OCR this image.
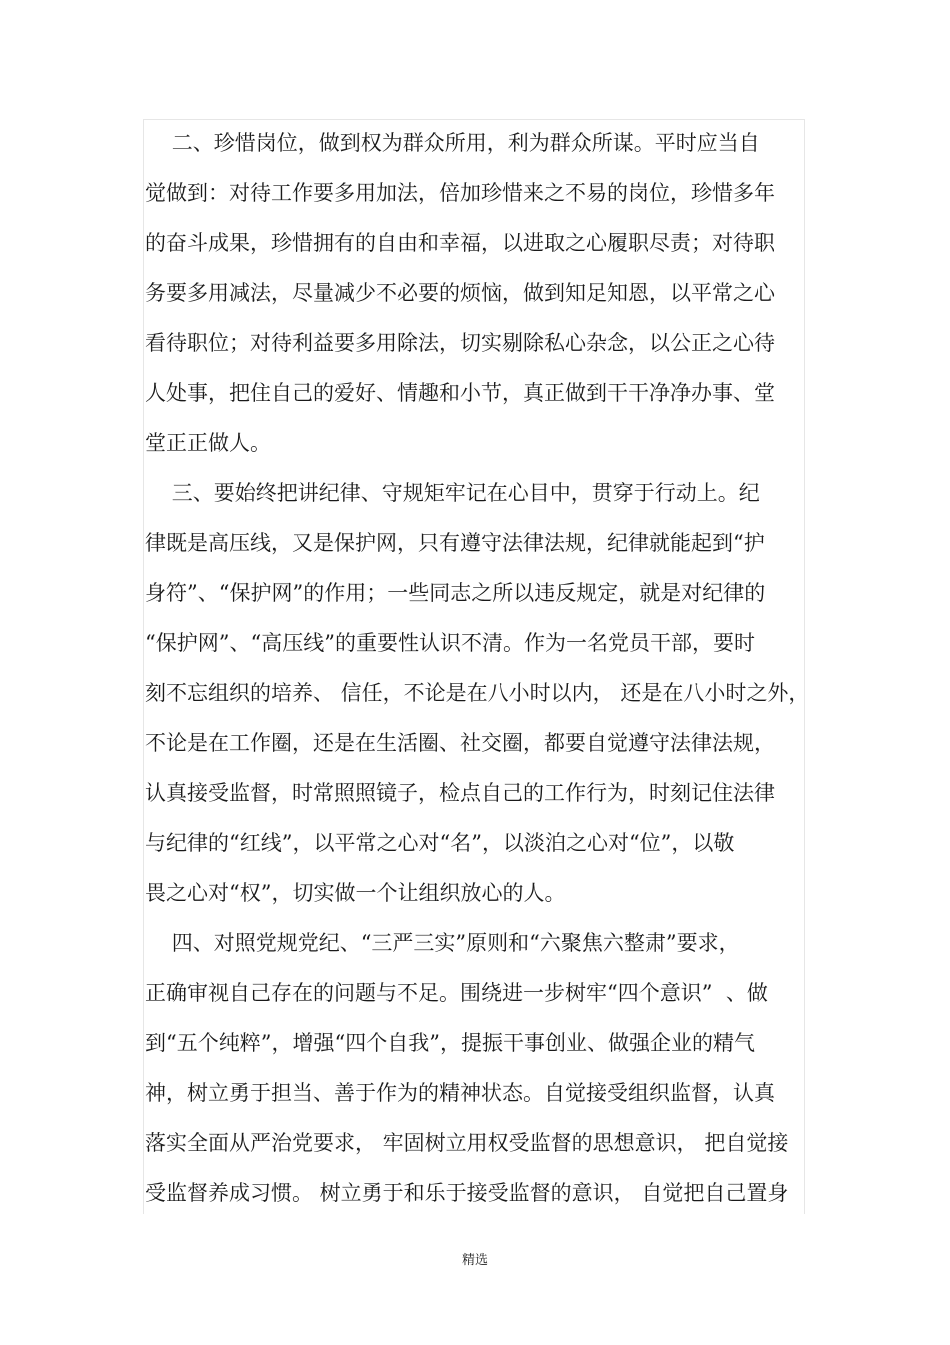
二、珍惜岗位，做到权为群众所用，利为群众所谋。平时应当自
觉做到：对待工作要多用加法，倍加珍惜来之不易的岗位，珍惜多年
的奋斗成果，珍惜拥有的自由和幸福，以进取之心履职尽责；对待职
务要多用减法，尽量减少不必要的烦恼，做到知足知恩，以平常之心
看待职位；对待利益要多用除法，切实剔除私心杂念，以公正之心待
人处事，把住自己的爱好、情趣和小节，真正做到干干净净办事、堂
堂正正做人。
三、要始终把讲纪律、守规矩牢记在心目中，贯穿于行动上。纪
律既是高压线，又是保护网，只有遵守法律法规，纪律就能起到“护
身符”、“保护网”的作用；一些同志之所以违反规定，就是对纪律的
“保护网”、“高压线”的重要性认识不清。作为一名党员干部，要时
刻不忘组织的培养、 信任，不论是在八小时以内， 还是在八小时之外，
不论是在工作圈，还是在生活圈、社交圈，都要自觉遵守法律法规，
认真接受监督，时常照照镜子，检点自己的工作行为，时刻记住法律
与纪律的“红线”，以平常之心对“名”，以淡泊之心对“位”，以敬
畏之心对“权”，切实做一个让组织放心的人。
四、对照党规党纪、“三严三实”原则和“六聚焦六整肃”要求，
正确审视自己存在的问题与不足。围绕进一步树牢“四个意识”  、做
到“五个纯粹”，增强“四个自我”，提振干事创业、做强企业的精气
神，树立勇于担当、善于作为的精神状态。自觉接受组织监督，认真
落实全面从严治党要求， 牢固树立用权受监督的思想意识， 把自觉接
受监督养成习惯。 树立勇于和乐于接受监督的意识， 自觉把自己置身
精选
